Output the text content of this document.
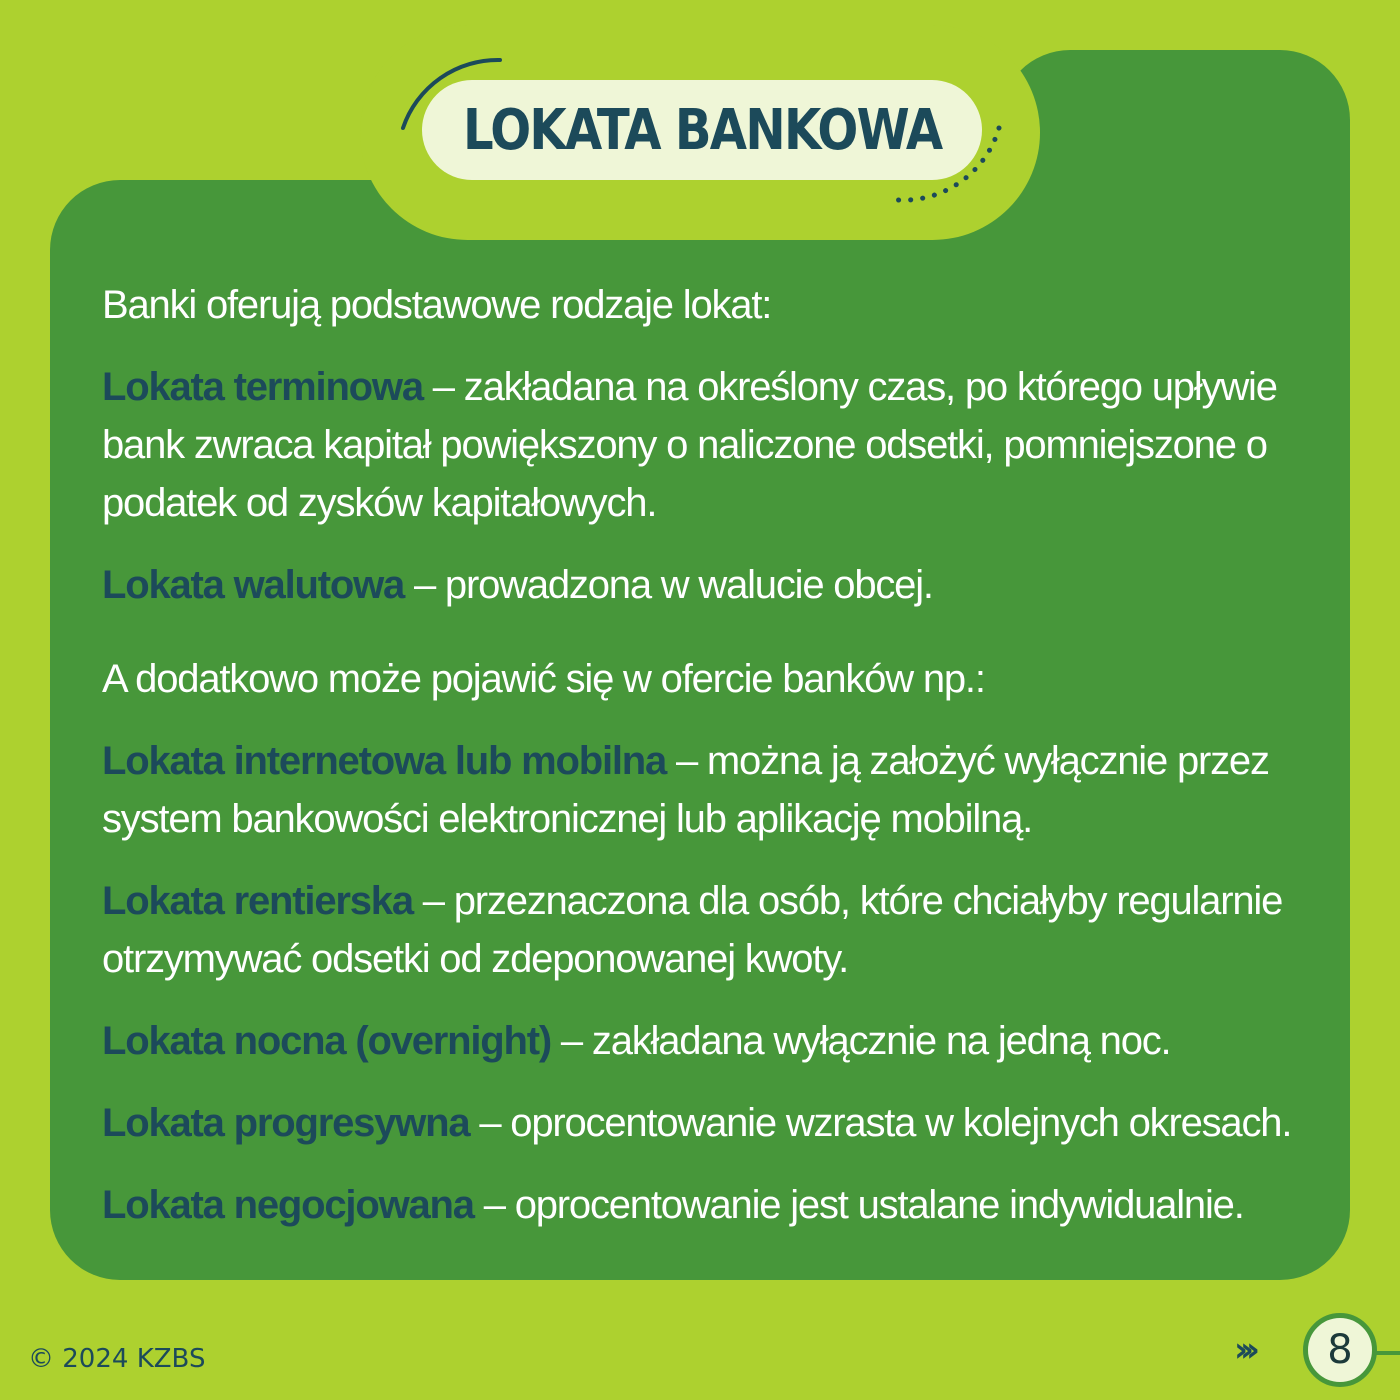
LOKATA BANKOWA

Banki oferują podstawowe rodzaje lokat:

Lokata terminowa – zakładana na określony czas, po którego upływie bank zwraca kapitał powiększony o naliczone odsetki, pomniejszone o podatek od zysków kapitałowych.

Lokata walutowa – prowadzona w walucie obcej.

A dodatkowo może pojawić się w ofercie banków np.:

Lokata internetowa lub mobilna – można ją założyć wyłącznie przez system bankowości elektronicznej lub aplikację mobilną.

Lokata rentierska – przeznaczona dla osób, które chciałyby regularnie otrzymywać odsetki od zdeponowanej kwoty.

Lokata nocna (overnight) – zakładana wyłącznie na jedną noc.

Lokata progresywna – oprocentowanie wzrasta w kolejnych okresach.

Lokata negocjowana – oprocentowanie jest ustalane indywidualnie.

© 2024 KZBS	››› 8
